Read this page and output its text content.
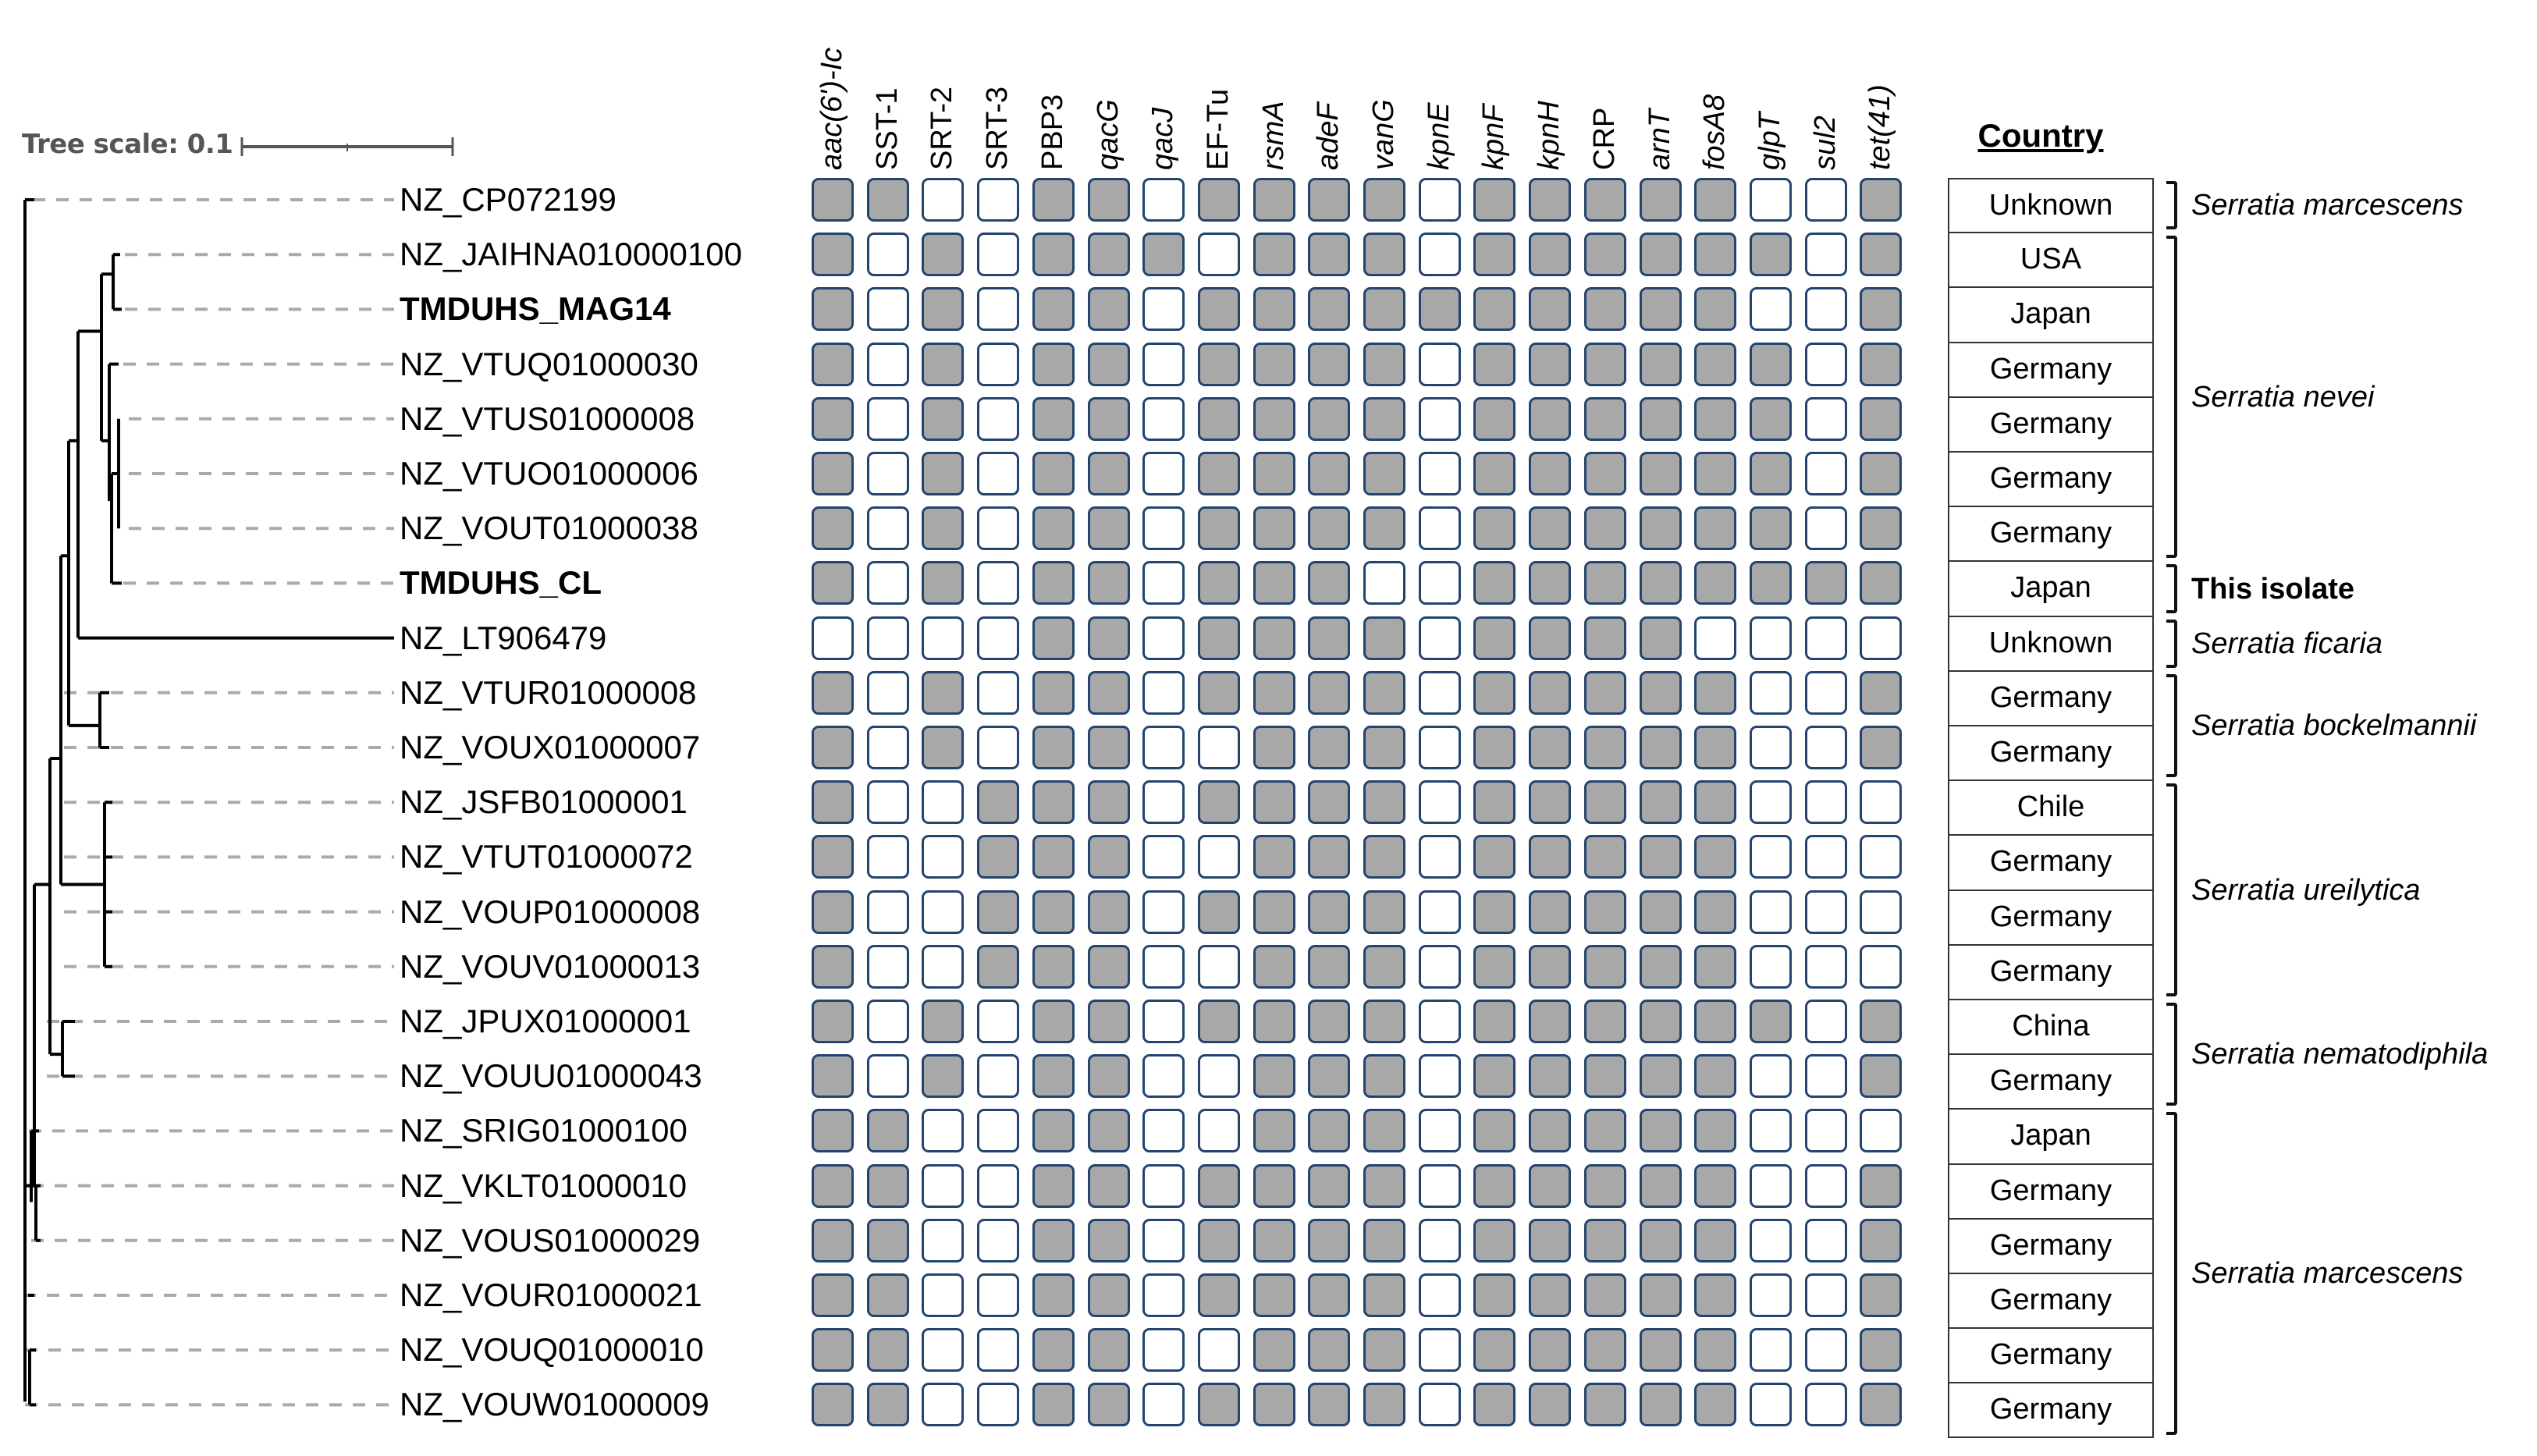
Tree scale: 0.1
NZ_CP072199
NZ_JAIHNA010000100
TMDUHS_MAG14
NZ_VTUQ01000030
NZ_VTUS01000008
NZ_VTUO01000006
NZ_VOUT01000038
TMDUHS_CL
NZ_LT906479
NZ_VTUR01000008
NZ_VOUX01000007
NZ_JSFB01000001
NZ_VTUT01000072
NZ_VOUP01000008
NZ_VOUV01000013
NZ_JPUX01000001
NZ_VOUU01000043
NZ_SRIG01000100
NZ_VKLT01000010
NZ_VOUS01000029
NZ_VOUR01000021
NZ_VOUQ01000010
NZ_VOUW01000009
aac(6')-Ic SST-1 SRT-2 SRT-3 PBP3 qacG qacJ EF-Tu rsmA adeF vanG kpnE kpnF kpnH CRP arnT fosA8 glpT sul2 tet(41)	Country
Unknown
USA
Japan
Germany
Germany
Germany
Germany
Japan
Unknown
Germany
Germany
Chile
Germany
Germany
Germany
China
Germany
Japan
Germany
Germany
Germany
Germany
Germany
Serratia marcescens
Serratia nevei
This isolate
Serratia ficaria
Serratia bockelmannii
Serratia ureilytica
Serratia nematodiphila
Serratia marcescens
